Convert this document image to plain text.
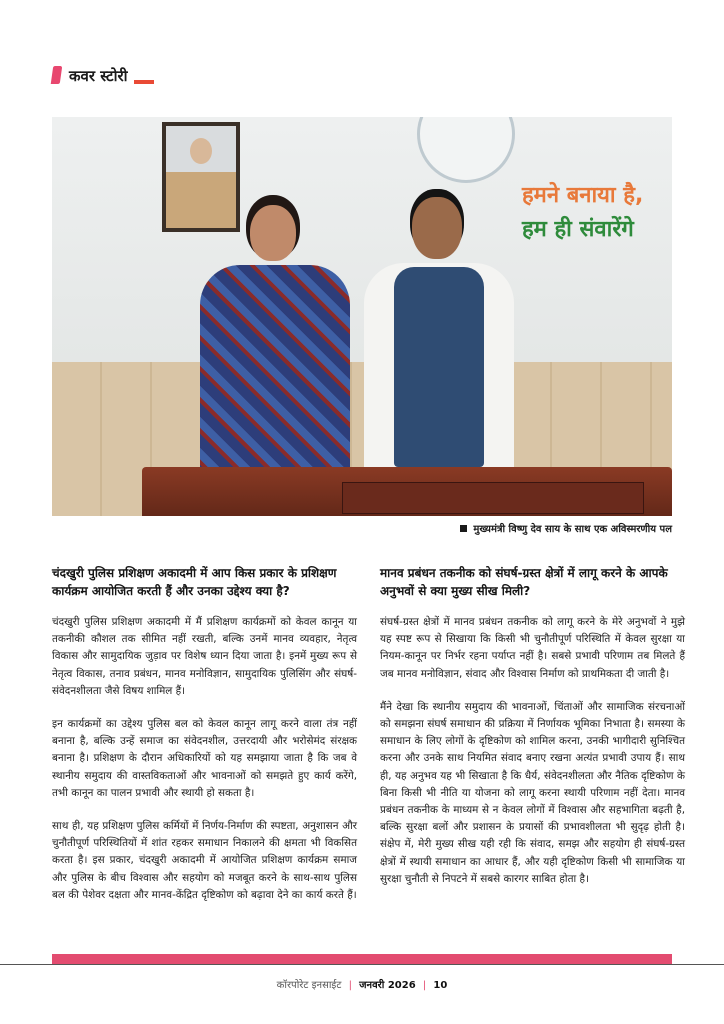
कवर स्टोरी
हमने बनाया है,
हम ही संवारेंगे
मुख्यमंत्री विष्णु देव साय के साथ एक अविस्मरणीय पल

चंदखुरी पुलिस प्रशिक्षण अकादमी में आप किस प्रकार के प्रशिक्षण कार्यक्रम आयोजित करती हैं और उनका उद्देश्य क्या है?

चंदखुरी पुलिस प्रशिक्षण अकादमी में मैं प्रशिक्षण कार्यक्रमों को केवल कानून या तकनीकी कौशल तक सीमित नहीं रखती, बल्कि उनमें मानव व्यवहार, नेतृत्व विकास और सामुदायिक जुड़ाव पर विशेष ध्यान दिया जाता है। इनमें मुख्य रूप से नेतृत्व विकास, तनाव प्रबंधन, मानव मनोविज्ञान, सामुदायिक पुलिसिंग और संघर्ष-संवेदनशीलता जैसे विषय शामिल हैं।

इन कार्यक्रमों का उद्देश्य पुलिस बल को केवल कानून लागू करने वाला तंत्र नहीं बनाना है, बल्कि उन्हें समाज का संवेदनशील, उत्तरदायी और भरोसेमंद संरक्षक बनाना है। प्रशिक्षण के दौरान अधिकारियों को यह समझाया जाता है कि जब वे स्थानीय समुदाय की वास्तविकताओं और भावनाओं को समझते हुए कार्य करेंगे, तभी कानून का पालन प्रभावी और स्थायी हो सकता है।

साथ ही, यह प्रशिक्षण पुलिस कर्मियों में निर्णय-निर्माण की स्पष्टता, अनुशासन और चुनौतीपूर्ण परिस्थितियों में शांत रहकर समाधान निकालने की क्षमता भी विकसित करता है। इस प्रकार, चंदखुरी अकादमी में आयोजित प्रशिक्षण कार्यक्रम समाज और पुलिस के बीच विश्वास और सहयोग को मजबूत करने के साथ-साथ पुलिस बल की पेशेवर दक्षता और मानव-केंद्रित दृष्टिकोण को बढ़ावा देने का कार्य करते हैं।

मानव प्रबंधन तकनीक को संघर्ष-ग्रस्त क्षेत्रों में लागू करने के आपके अनुभवों से क्या मुख्य सीख मिली?

संघर्ष-ग्रस्त क्षेत्रों में मानव प्रबंधन तकनीक को लागू करने के मेरे अनुभवों ने मुझे यह स्पष्ट रूप से सिखाया कि किसी भी चुनौतीपूर्ण परिस्थिति में केवल सुरक्षा या नियम-कानून पर निर्भर रहना पर्याप्त नहीं है। सबसे प्रभावी परिणाम तब मिलते हैं जब मानव मनोविज्ञान, संवाद और विश्वास निर्माण को प्राथमिकता दी जाती है।

मैंने देखा कि स्थानीय समुदाय की भावनाओं, चिंताओं और सामाजिक संरचनाओं को समझना संघर्ष समाधान की प्रक्रिया में निर्णायक भूमिका निभाता है। समस्या के समाधान के लिए लोगों के दृष्टिकोण को शामिल करना, उनकी भागीदारी सुनिश्चित करना और उनके साथ नियमित संवाद बनाए रखना अत्यंत प्रभावी उपाय हैं। साथ ही, यह अनुभव यह भी सिखाता है कि धैर्य, संवेदनशीलता और नैतिक दृष्टिकोण के बिना किसी भी नीति या योजना को लागू करना स्थायी परिणाम नहीं देता। मानव प्रबंधन तकनीक के माध्यम से न केवल लोगों में विश्वास और सहभागिता बढ़ती है, बल्कि सुरक्षा बलों और प्रशासन के प्रयासों की प्रभावशीलता भी सुदृढ़ होती है। संक्षेप में, मेरी मुख्य सीख यही रही कि संवाद, समझ और सहयोग ही संघर्ष-ग्रस्त क्षेत्रों में स्थायी समाधान का आधार हैं, और यही दृष्टिकोण किसी भी सामाजिक या सुरक्षा चुनौती से निपटने में सबसे कारगर साबित होता है।

कॉरपोरेट इनसाईट | जनवरी 2026 | 10
